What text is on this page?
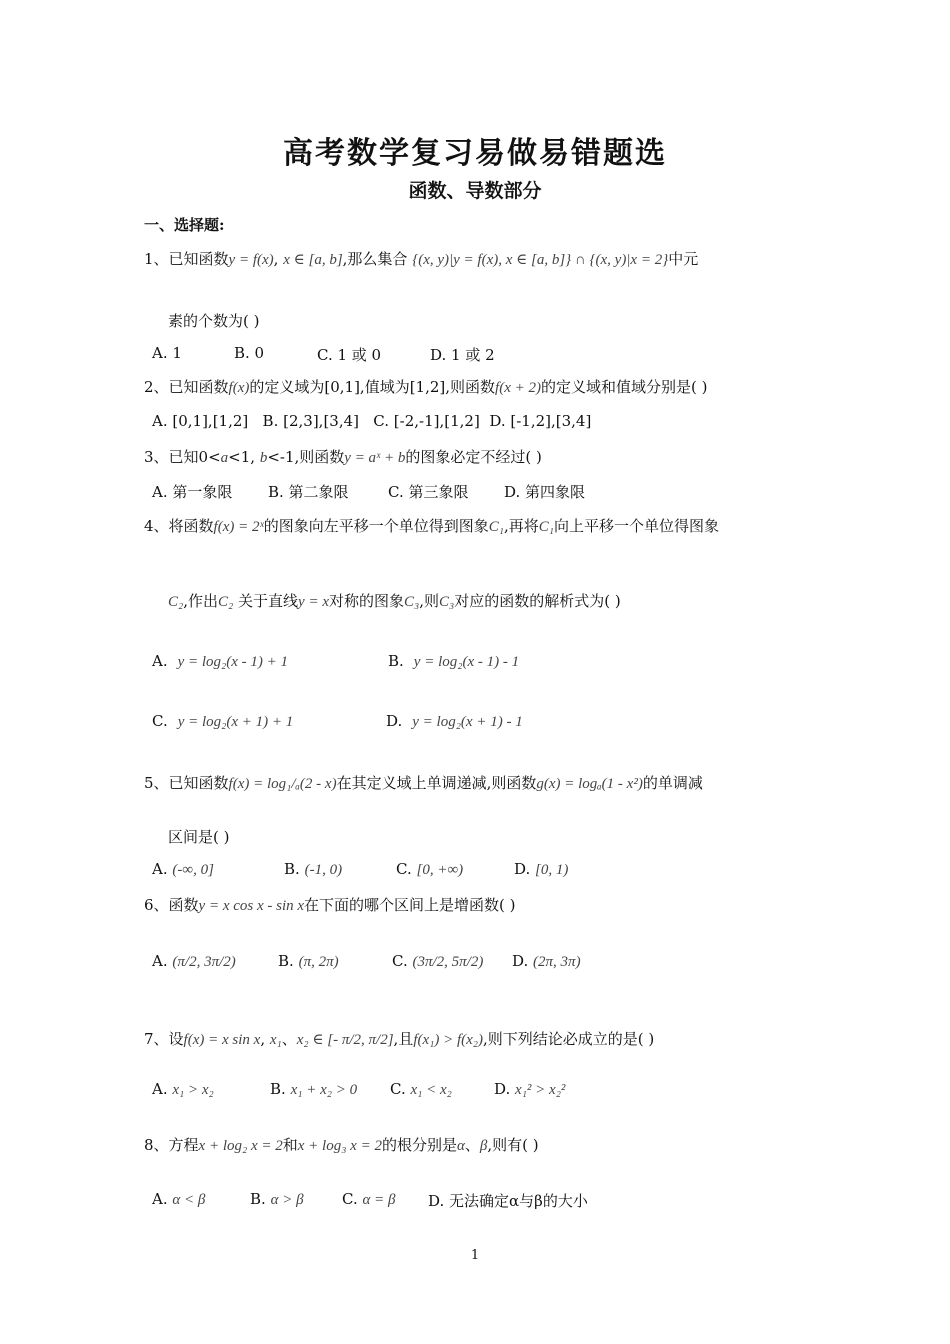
高考数学复习易做易错题选
函数、导数部分
一、选择题:
1、已知函数y = f(x), x ∈ [a, b],那么集合 {(x, y)|y = f(x), x ∈ [a, b]} ∩ {(x, y)|x = 2}中元
素的个数为( )
A. 1	B. 0	C. 1 或 0	D. 1 或 2
2、已知函数f(x)的定义域为[0,1],值域为[1,2],则函数f(x + 2)的定义域和值域分别是( )
A. [0,1],[1,2]   B. [2,3],[3,4]   C. [-2,-1],[1,2]  D. [-1,2],[3,4]
3、已知0<a<1, b<-1,则函数y = aˣ + b的图象必定不经过( )
A. 第一象限 B. 第二象限	C. 第三象限 D. 第四象限
4、将函数f(x) = 2ˣ的图象向左平移一个单位得到图象C₁,再将C₁向上平移一个单位得图象
C₂,作出C₂ 关于直线y = x对称的图象C₃,则C₃对应的函数的解析式为( )
A. y = log₂(x - 1) + 1	B. y = log₂(x - 1) - 1
C. y = log₂(x + 1) + 1	D. y = log₂(x + 1) - 1
5、已知函数f(x) = log₁/ₐ(2 - x)在其定义域上单调递减,则函数g(x) = logₐ(1 - x²)的单调减
区间是( )
A. (-∞, 0]	B. (-1, 0)	C. [0, +∞)	D. [0, 1)
6、函数y = x cos x - sin x在下面的哪个区间上是增函数( )
A. (π/2, 3π/2)	B. (π, 2π)	C. (3π/2, 5π/2) D. (2π, 3π)
7、设f(x) = x sin x, x₁、x₂ ∈ [- π/2, π/2],且f(x₁) > f(x₂),则下列结论必成立的是( )
A. x₁ > x₂	B. x₁ + x₂ > 0 C. x₁ < x₂	D. x₁² > x₂²
8、方程x + log₂ x = 2和x + log₃ x = 2的根分别是α、β,则有( )
A. α < β	B. α > β	C. α = β D. 无法确定α与β的大小
1
